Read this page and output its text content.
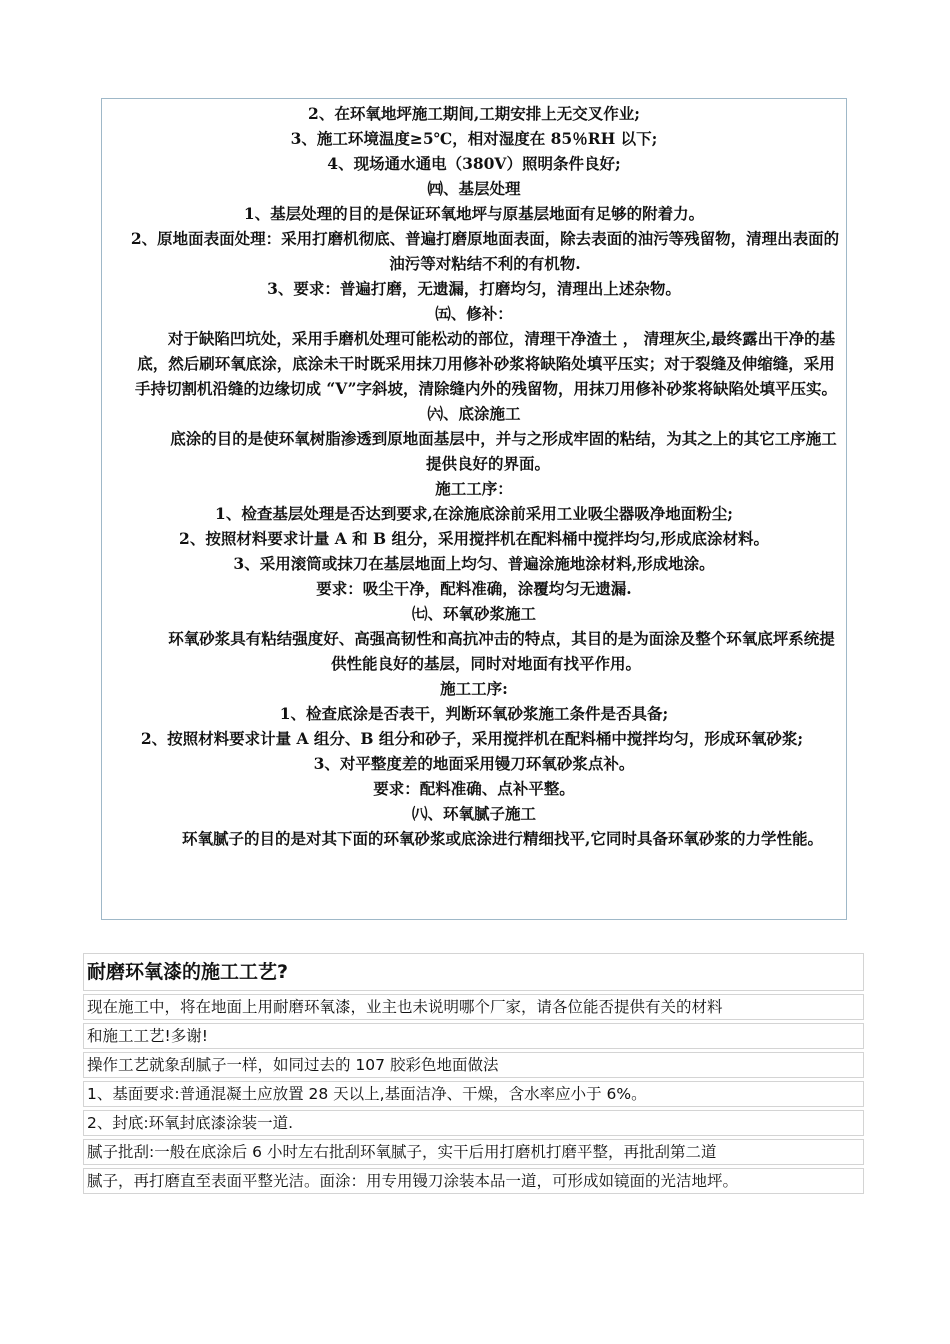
2、在环氧地坪施工期间,工期安排上无交叉作业;

3、施工环境温度≥5℃，相对湿度在 85％RH 以下;

4、现场通水通电（380V）照明条件良好;

㈣、基层处理

1、基层处理的目的是保证环氧地坪与原基层地面有足够的附着力。

2、原地面表面处理：采用打磨机彻底、普遍打磨原地面表面，除去表面的油污等残留物，清理出表面的油污等对粘结不利的有机物.

3、要求：普遍打磨，无遗漏，打磨均匀，清理出上述杂物。

㈤、修补：

对于缺陷凹坑处，采用手磨机处理可能松动的部位，清理干净渣土 ， 清理灰尘,最终露出干净的基底，然后刷环氧底涂，底涂未干时既采用抹刀用修补砂浆将缺陷处填平压实；对于裂缝及伸缩缝，采用手持切割机沿缝的边缘切成 “V”字斜坡，清除缝内外的残留物，用抹刀用修补砂浆将缺陷处填平压实。

㈥、底涂施工

底涂的目的是使环氧树脂渗透到原地面基层中，并与之形成牢固的粘结，为其之上的其它工序施工提供良好的界面。

施工工序：

1、检查基层处理是否达到要求,在涂施底涂前采用工业吸尘器吸净地面粉尘;

2、按照材料要求计量 A 和 B 组分，采用搅拌机在配料桶中搅拌均匀,形成底涂材料。

3、采用滚筒或抹刀在基层地面上均匀、普遍涂施地涂材料,形成地涂。

要求：吸尘干净，配料准确，涂覆均匀无遗漏.

㈦、环氧砂浆施工

环氧砂浆具有粘结强度好、高强高韧性和高抗冲击的特点，其目的是为面涂及整个环氧底坪系统提供性能良好的基层，同时对地面有找平作用。

施工工序:

1、检查底涂是否表干，判断环氧砂浆施工条件是否具备;

2、按照材料要求计量 A 组分、B 组分和砂子，采用搅拌机在配料桶中搅拌均匀，形成环氧砂浆;

3、对平整度差的地面采用镘刀环氧砂浆点补。

要求：配料准确、点补平整。

㈧、环氧腻子施工

环氧腻子的目的是对其下面的环氧砂浆或底涂进行精细找平,它同时具备环氧砂浆的力学性能。

耐磨环氧漆的施工工艺?
现在施工中，将在地面上用耐磨环氧漆，业主也未说明哪个厂家，请各位能否提供有关的材料
和施工工艺!多谢!
操作工艺就象刮腻子一样，如同过去的 107 胶彩色地面做法
1、基面要求:普通混凝土应放置 28 天以上,基面洁净、干燥，含水率应小于 6%。
2、封底:环氧封底漆涂装一道.
腻子批刮:一般在底涂后 6 小时左右批刮环氧腻子，实干后用打磨机打磨平整，再批刮第二道
腻子，再打磨直至表面平整光洁。面涂：用专用镘刀涂装本品一道，可形成如镜面的光洁地坪。
